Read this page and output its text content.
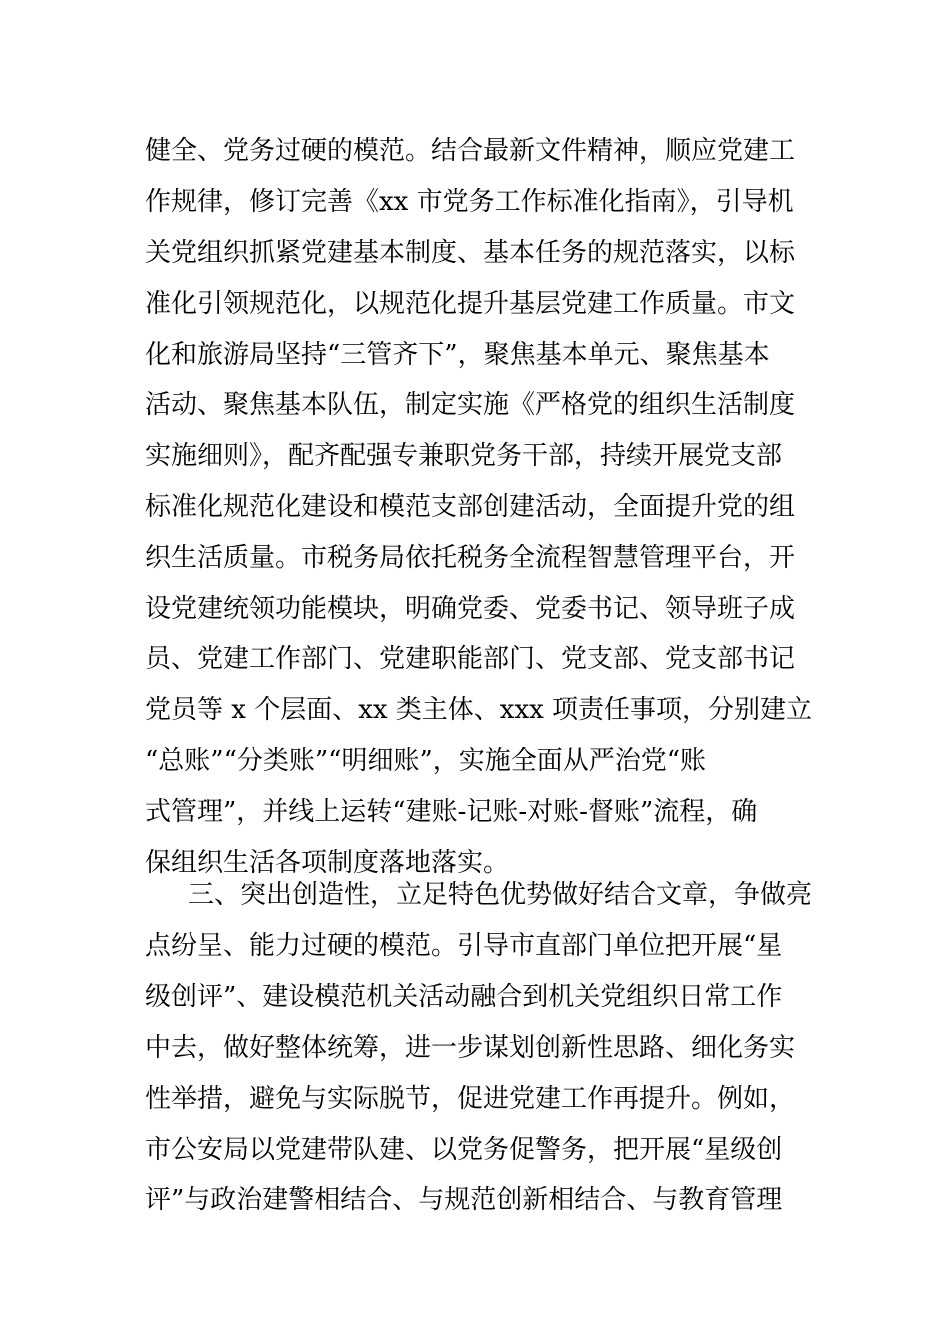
健全、党务过硬的模范。结合最新文件精神，顺应党建工
作规律，修订完善《xx 市党务工作标准化指南》，引导机
关党组织抓紧党建基本制度、基本任务的规范落实，以标
准化引领规范化，以规范化提升基层党建工作质量。市文
化和旅游局坚持“三管齐下”，聚焦基本单元、聚焦基本
活动、聚焦基本队伍，制定实施《严格党的组织生活制度
实施细则》，配齐配强专兼职党务干部，持续开展党支部
标准化规范化建设和模范支部创建活动，全面提升党的组
织生活质量。市税务局依托税务全流程智慧管理平台，开
设党建统领功能模块，明确党委、党委书记、领导班子成
员、党建工作部门、党建职能部门、党支部、党支部书记
党员等 x 个层面、xx 类主体、xxx 项责任事项，分别建立
“总账”“分类账”“明细账”，实施全面从严治党“账
式管理”，并线上运转“建账-记账-对账-督账”流程，确
保组织生活各项制度落地落实。
三、突出创造性，立足特色优势做好结合文章，争做亮
点纷呈、能力过硬的模范。引导市直部门单位把开展“星
级创评”、建设模范机关活动融合到机关党组织日常工作
中去，做好整体统筹，进一步谋划创新性思路、细化务实
性举措，避免与实际脱节，促进党建工作再提升。例如，
市公安局以党建带队建、以党务促警务，把开展“星级创
评”与政治建警相结合、与规范创新相结合、与教育管理
